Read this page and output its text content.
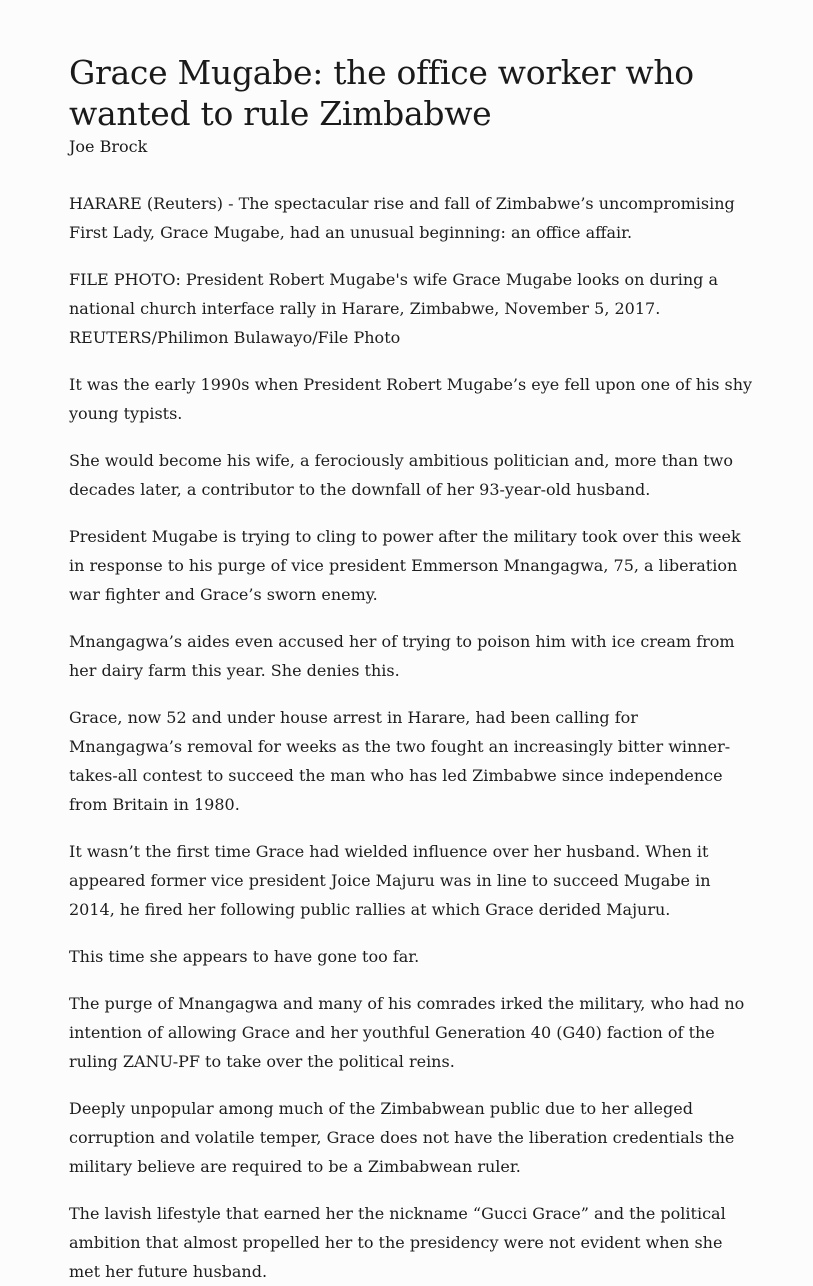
Grace Mugabe: the office worker who wanted to rule Zimbabwe
Joe Brock

HARARE (Reuters) - The spectacular rise and fall of Zimbabwe’s uncompromising First Lady, Grace Mugabe, had an unusual beginning: an office affair.

FILE PHOTO: President Robert Mugabe's wife Grace Mugabe looks on during a national church interface rally in Harare, Zimbabwe, November 5, 2017. REUTERS/Philimon Bulawayo/File Photo

It was the early 1990s when President Robert Mugabe’s eye fell upon one of his shy young typists.

She would become his wife, a ferociously ambitious politician and, more than two decades later, a contributor to the downfall of her 93-year-old husband.

President Mugabe is trying to cling to power after the military took over this week in response to his purge of vice president Emmerson Mnangagwa, 75, a liberation war fighter and Grace’s sworn enemy.

Mnangagwa’s aides even accused her of trying to poison him with ice cream from her dairy farm this year. She denies this.

Grace, now 52 and under house arrest in Harare, had been calling for Mnangagwa’s removal for weeks as the two fought an increasingly bitter winner-takes-all contest to succeed the man who has led Zimbabwe since independence from Britain in 1980.

It wasn’t the first time Grace had wielded influence over her husband. When it appeared former vice president Joice Majuru was in line to succeed Mugabe in 2014, he fired her following public rallies at which Grace derided Majuru.

This time she appears to have gone too far.

The purge of Mnangagwa and many of his comrades irked the military, who had no intention of allowing Grace and her youthful Generation 40 (G40) faction of the ruling ZANU-PF to take over the political reins.

Deeply unpopular among much of the Zimbabwean public due to her alleged corruption and volatile temper, Grace does not have the liberation credentials the military believe are required to be a Zimbabwean ruler.

The lavish lifestyle that earned her the nickname “Gucci Grace” and the political ambition that almost propelled her to the presidency were not evident when she met her future husband.
